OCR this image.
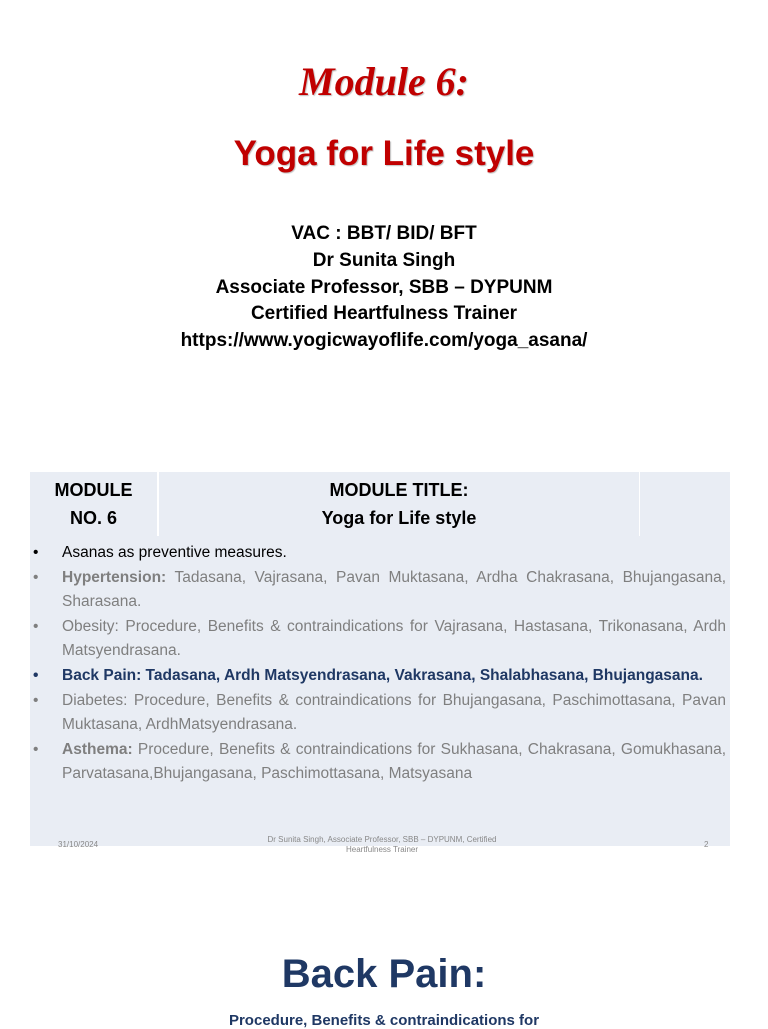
Module 6:
Yoga for Life style
VAC : BBT/ BID/ BFT
Dr Sunita Singh
Associate Professor, SBB – DYPUNM
Certified Heartfulness Trainer
https://www.yogicwayoflife.com/yoga_asana/
MODULE
NO. 6
MODULE TITLE:
Yoga for Life style
• Asanas as preventive measures.
• Hypertension: Tadasana, Vajrasana, Pavan Muktasana, Ardha Chakrasana, Bhujangasana, Sharasana.
• Obesity: Procedure, Benefits & contraindications for Vajrasana, Hastasana, Trikonasana, Ardh Matsyendrasana.
• Back Pain: Tadasana, Ardh Matsyendrasana, Vakrasana, Shalabhasana, Bhujangasana.
• Diabetes: Procedure, Benefits & contraindications for Bhujangasana, Paschimottasana, Pavan Muktasana, ArdhMatsyendrasana.
• Asthema: Procedure, Benefits & contraindications for Sukhasana, Chakrasana, Gomukhasana, Parvatasana,Bhujangasana, Paschimottasana, Matsyasana
31/10/2024
Dr Sunita Singh, Associate Professor, SBB – DYPUNM, Certified Heartfulness Trainer
2
Back Pain:
Procedure, Benefits & contraindications for
